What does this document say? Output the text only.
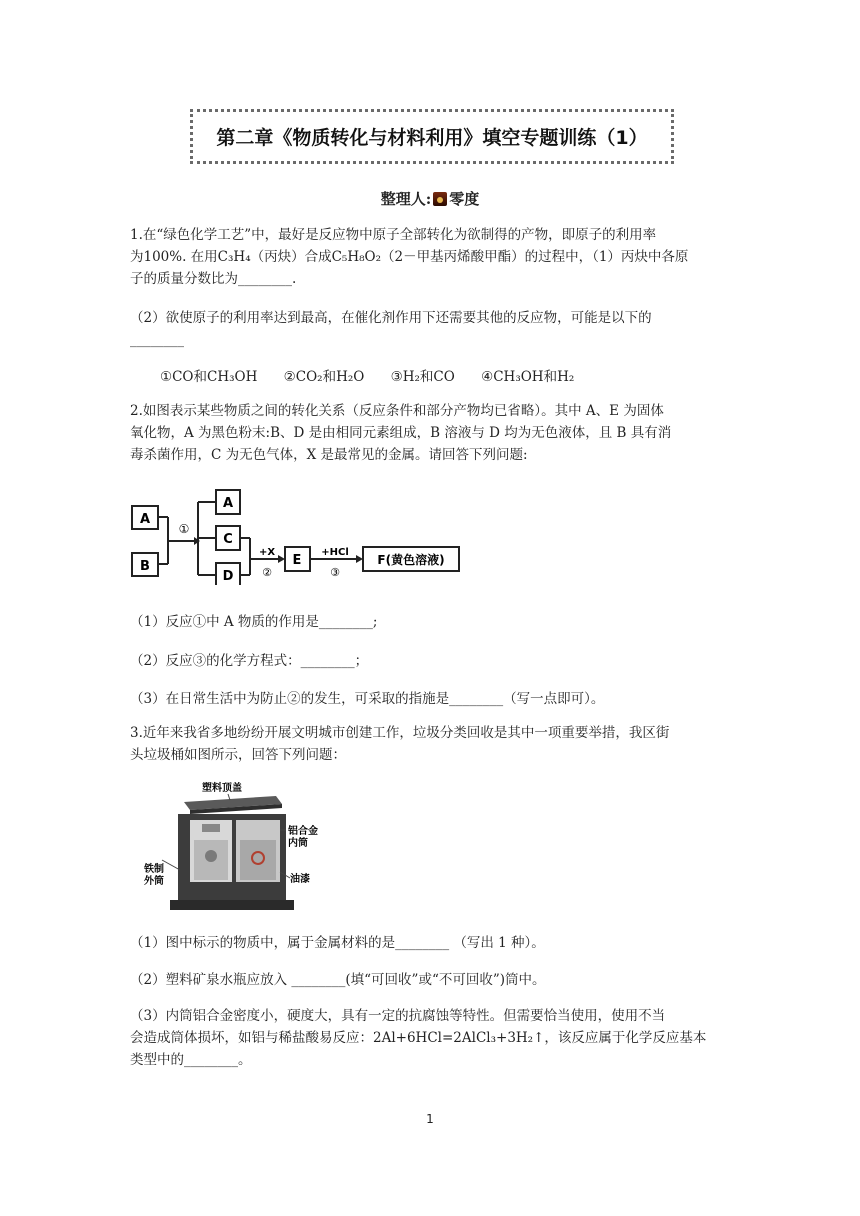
第二章《物质转化与材料利用》填空专题训练（1）
整理人: 零度
1.在“绿色化学工艺”中，最好是反应物中原子全部转化为欲制得的产物，即原子的利用率
为100%. 在用C₃H₄（丙炔）合成C₅H₈O₂（2－甲基丙烯酸甲酯）的过程中，（1）丙炔中各原
子的质量分数比为________.
（2）欲使原子的利用率达到最高，在催化剂作用下还需要其他的反应物，可能是以下的
________
①CO和CH₃OH ②CO₂和H₂O ③H₂和CO ④CH₃OH和H₂
2.如图表示某些物质之间的转化关系（反应条件和部分产物均已省略）。其中 A、E 为固体
氧化物，A 为黑色粉末:B、D 是由相同元素组成，B 溶液与 D 均为无色液体，且 B 具有消
毒杀菌作用，C 为无色气体，X 是最常见的金属。请回答下列问题:
①
+X
②
+HCl
③
A
B
A
C
D
E	F(黄色溶液)
（1）反应①中 A 物质的作用是________;
（2）反应③的化学方程式：________；
（3）在日常生活中为防止②的发生，可采取的指施是________（写一点即可）。
3.近年来我省多地纷纷开展文明城市创建工作，垃圾分类回收是其中一项重要举措，我区街
头垃圾桶如图所示，回答下列问题：
塑料顶盖
铝合金
内筒
铁制
外筒	油漆
（1）图中标示的物质中，属于金属材料的是________ （写出 1 种）。
（2）塑料矿泉水瓶应放入 ________(填“可回收”或“不可回收”)筒中。
（3）内筒铝合金密度小，硬度大，具有一定的抗腐蚀等特性。但需要恰当使用，使用不当
会造成筒体损坏，如铝与稀盐酸易反应：2Al+6HCl=2AlCl₃+3H₂↑，该反应属于化学反应基本
类型中的________。
1
